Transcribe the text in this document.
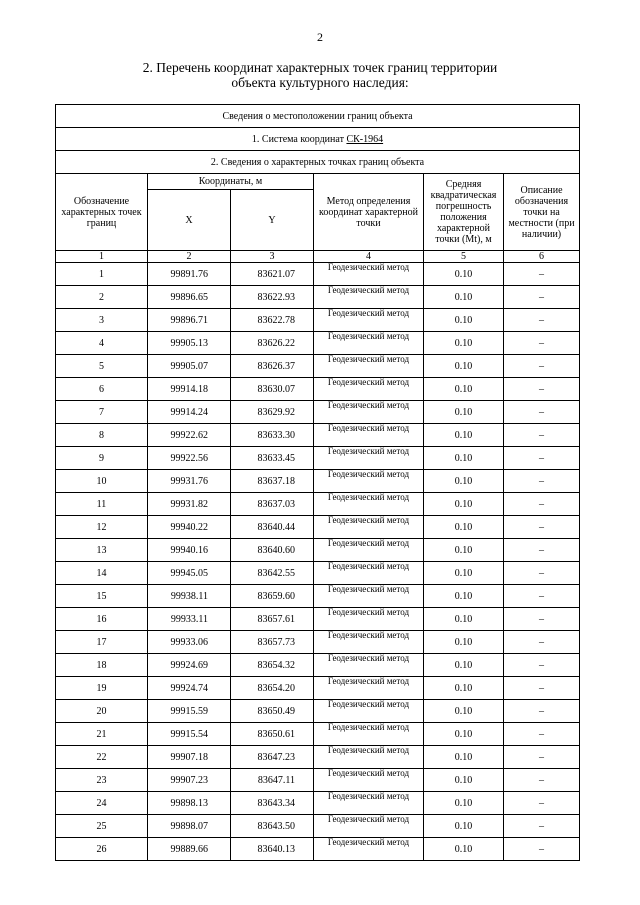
2
2. Перечень координат характерных точек границ территории
объекта культурного наследия:
Сведения о местоположении границ объекта					
1. Система координат СК-1964					
2. Сведения о характерных точках границ объекта					
Обозначение характерных точек границ	Координаты, м		Метод определения координат характерной точки	Средняя квадратическая погрешность положения характерной точки (Мt), м	Описание обозначения точки на местности (при наличии)
	X	Y			
1	2	3	4	5	6
1	99891.76	83621.07	Геодезический метод	0.10	–
2	99896.65	83622.93	Геодезический метод	0.10	–
3	99896.71	83622.78	Геодезический метод	0.10	–
4	99905.13	83626.22	Геодезический метод	0.10	–
5	99905.07	83626.37	Геодезический метод	0.10	–
6	99914.18	83630.07	Геодезический метод	0.10	–
7	99914.24	83629.92	Геодезический метод	0.10	–
8	99922.62	83633.30	Геодезический метод	0.10	–
9	99922.56	83633.45	Геодезический метод	0.10	–
10	99931.76	83637.18	Геодезический метод	0.10	–
11	99931.82	83637.03	Геодезический метод	0.10	–
12	99940.22	83640.44	Геодезический метод	0.10	–
13	99940.16	83640.60	Геодезический метод	0.10	–
14	99945.05	83642.55	Геодезический метод	0.10	–
15	99938.11	83659.60	Геодезический метод	0.10	–
16	99933.11	83657.61	Геодезический метод	0.10	–
17	99933.06	83657.73	Геодезический метод	0.10	–
18	99924.69	83654.32	Геодезический метод	0.10	–
19	99924.74	83654.20	Геодезический метод	0.10	–
20	99915.59	83650.49	Геодезический метод	0.10	–
21	99915.54	83650.61	Геодезический метод	0.10	–
22	99907.18	83647.23	Геодезический метод	0.10	–
23	99907.23	83647.11	Геодезический метод	0.10	–
24	99898.13	83643.34	Геодезический метод	0.10	–
25	99898.07	83643.50	Геодезический метод	0.10	–
26	99889.66	83640.13	Геодезический метод	0.10	–
